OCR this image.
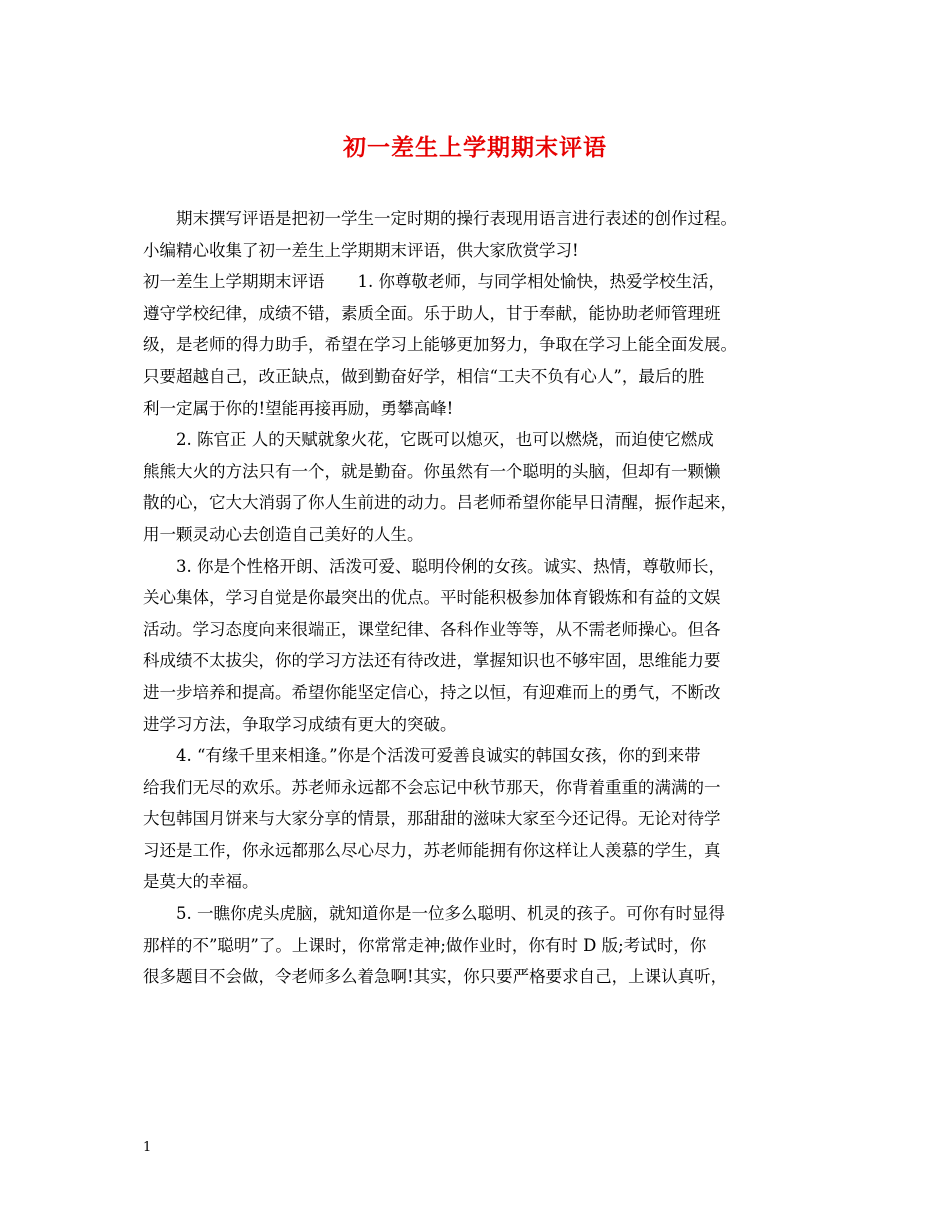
初一差生上学期期末评语
期末撰写评语是把初一学生一定时期的操行表现用语言进行表述的创作过程。
小编精心收集了初一差生上学期期末评语，供大家欣赏学习!
初一差生上学期期末评语　　1. 你尊敬老师，与同学相处愉快，热爱学校生活，
遵守学校纪律，成绩不错，素质全面。乐于助人，甘于奉献，能协助老师管理班
级，是老师的得力助手，希望在学习上能够更加努力，争取在学习上能全面发展。
只要超越自己，改正缺点，做到勤奋好学，相信“工夫不负有心人”，最后的胜
利一定属于你的!望能再接再励，勇攀高峰!
2. 陈官正 人的天赋就象火花，它既可以熄灭，也可以燃烧，而迫使它燃成
熊熊大火的方法只有一个，就是勤奋。你虽然有一个聪明的头脑，但却有一颗懒
散的心，它大大消弱了你人生前进的动力。吕老师希望你能早日清醒，振作起来，
用一颗灵动心去创造自己美好的人生。
3. 你是个性格开朗、活泼可爱、聪明伶俐的女孩。诚实、热情，尊敬师长，
关心集体，学习自觉是你最突出的优点。平时能积极参加体育锻炼和有益的文娱
活动。学习态度向来很端正，课堂纪律、各科作业等等，从不需老师操心。但各
科成绩不太拔尖，你的学习方法还有待改进，掌握知识也不够牢固，思维能力要
进一步培养和提高。希望你能坚定信心，持之以恒，有迎难而上的勇气，不断改
进学习方法，争取学习成绩有更大的突破。
4. “有缘千里来相逢。”你是个活泼可爱善良诚实的韩国女孩，你的到来带
给我们无尽的欢乐。苏老师永远都不会忘记中秋节那天，你背着重重的满满的一
大包韩国月饼来与大家分享的情景，那甜甜的滋味大家至今还记得。无论对待学
习还是工作，你永远都那么尽心尽力，苏老师能拥有你这样让人羡慕的学生，真
是莫大的幸福。
5. 一瞧你虎头虎脑，就知道你是一位多么聪明、机灵的孩子。可你有时显得
那样的不”聪明”了。上课时，你常常走神;做作业时，你有时 D 版;考试时，你
很多题目不会做，令老师多么着急啊!其实，你只要严格要求自己，上课认真听，
1
